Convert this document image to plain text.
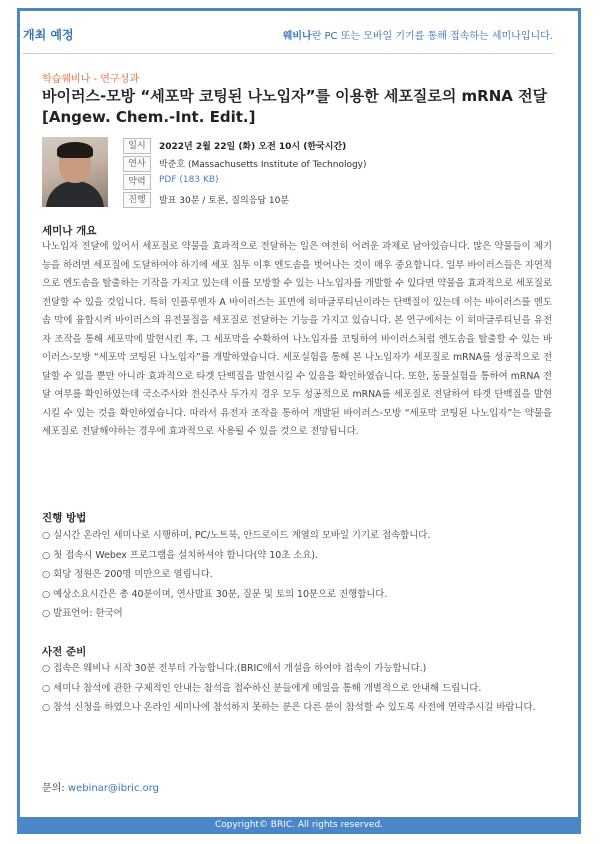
개최 예정	웨비나란 PC 또는 모바일 기기를 통해 접속하는 세미나입니다.
학습웨비나 - 연구성과
바이러스-모방 “세포막 코팅된 나노입자”를 이용한 세포질로의 mRNA 전달 [Angew. Chem.-Int. Edit.]
일시	2022년 2월 22일 (화) 오전 10시 (한국시간)
연사	박준호 (Massachusetts Institute of Technology)
약력	PDF (183 KB)
진행	발표 30분 / 토론, 질의응답 10분
세미나 개요
나노입자 전달에 있어서 세포질로 약물을 효과적으로 전달하는 일은 여전히 어려운 과제로 남아있습니다. 많은 약물들이 제기능을 하려면 세포질에 도달하여야 하기에 세포 침투 이후 엔도솜을 벗어나는 것이 매우 중요합니다. 일부 바이러스들은 자연적으로 엔도솜을 탈출하는 기작을 가지고 있는데 이를 모방할 수 있는 나노입자를 개발할 수 있다면 약물을 효과적으로 세포질로 전달할 수 있을 것입니다. 특히 인플루엔자 A 바이러스는 표면에 히마글루티닌이라는 단백질이 있는데 이는 바이러스를 엔도솜 막에 융합시켜 바이러스의 유전물질을 세포질로 전달하는 기능을 가지고 있습니다. 본 연구에서는 이 히마글루티닌을 유전자 조작을 통해 세포막에 발현시킨 후, 그 세포막을 수확하여 나노입자를 코팅하여 바이러스처럼 엔도솜을 탈출할 수 있는 바이러스-모방 “세포막 코팅된 나노입자”를 개발하였습니다. 세포실험을 통해 본 나노입자가 세포질로 mRNA를 성공적으로 전달할 수 있을 뿐만 아니라 효과적으로 타겟 단백질을 발현시킬 수 있음을 확인하였습니다. 또한, 동물실험을 통하여 mRNA 전달 여부를 확인하였는데 국소주사와 전신주사 두가지 경우 모두 성공적으로 mRNA를 세포질로 전달하여 타겟 단백질을 발현시킬 수 있는 것을 확인하였습니다. 따라서 유전자 조작을 통하여 개발된 바이러스-모방 “세포막 코팅된 나노입자”는 약물을 세포질로 전달해야하는 경우에 효과적으로 사용될 수 있을 것으로 전망됩니다.
진행 방법
○ 실시간 온라인 세미나로 시행하며, PC/노트북, 안드로이드 계열의 모바일 기기로 접속합니다.
○ 첫 접속시 Webex 프로그램을 설치하셔야 합니다(약 10초 소요).
○ 회당 정원은 200명 미만으로 열립니다.
○ 예상소요시간은 총 40분이며, 연사발표 30분, 질문 및 토의 10분으로 진행합니다.
○ 발표언어: 한국어
사전 준비
○ 접속은 웨비나 시작 30분 전부터 가능합니다.(BRIC에서 개설을 하여야 접속이 가능합니다.)
○ 세미나 참석에 관한 구체적인 안내는 참석을 접수하신 분들에게 메일을 통해 개별적으로 안내해 드립니다.
○ 참석 신청을 하였으나 온라인 세미나에 참석하지 못하는 분은 다른 분이 참석할 수 있도록 사전에 연락주시길 바랍니다.
문의: webinar@ibric.org
Copyright© BRIC. All rights reserved.
